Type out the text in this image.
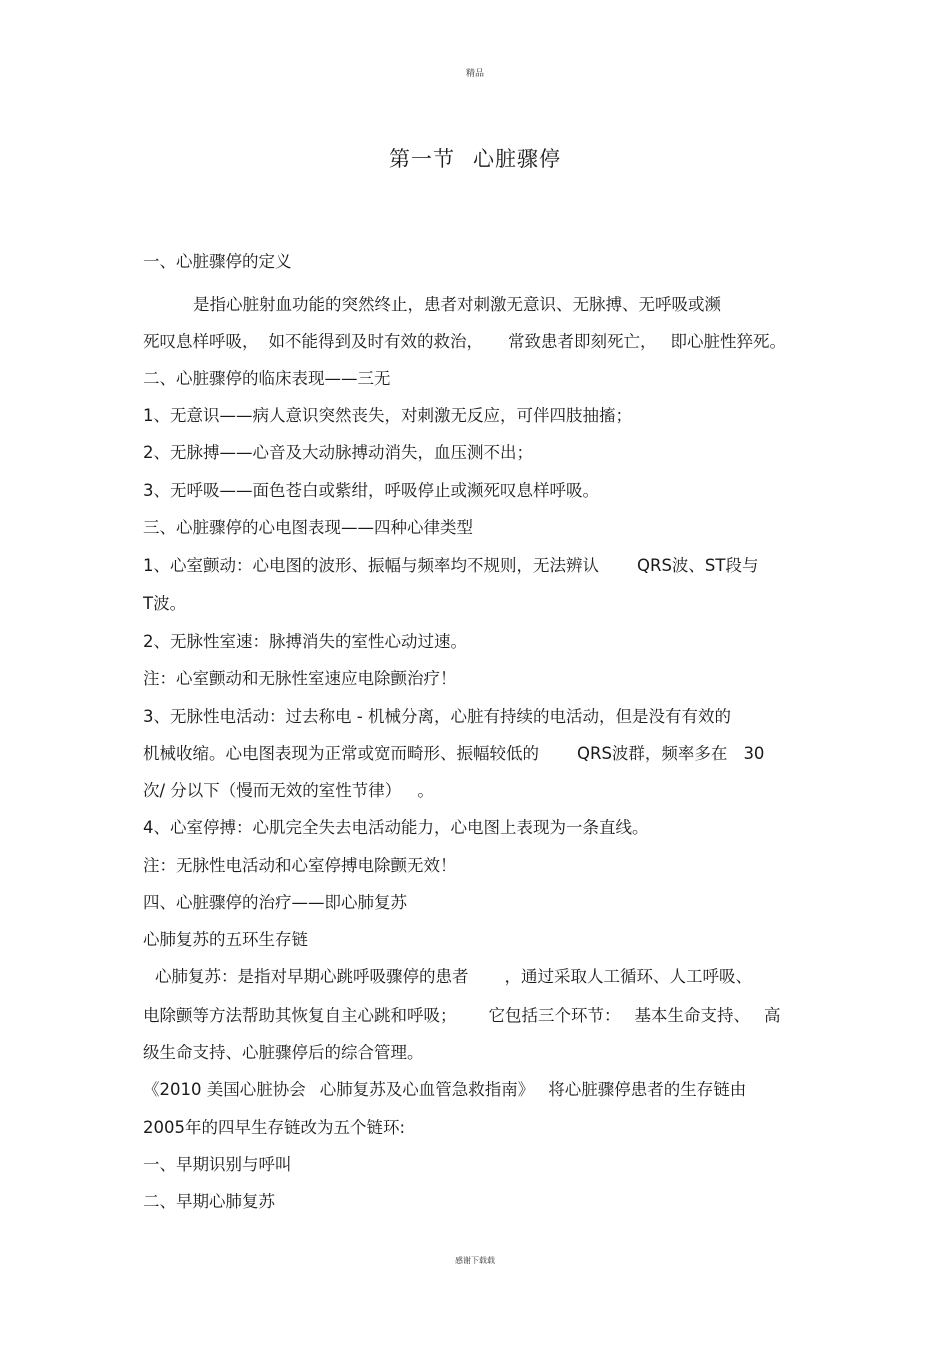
精品
第一节 心脏骤停
一、心脏骤停的定义
是指心脏射血功能的突然终止，患者对刺激无意识、无脉搏、无呼吸或濒
死叹息样呼吸， 如不能得到及时有效的救治， 常致患者即刻死亡， 即心脏性猝死。
二、心脏骤停的临床表现——三无
1、无意识——病人意识突然丧失，对刺激无反应，可伴四肢抽搐；
2、无脉搏——心音及大动脉搏动消失，血压测不出；
3、无呼吸——面色苍白或紫绀，呼吸停止或濒死叹息样呼吸。
三、心脏骤停的心电图表现——四种心律类型
1、心室颤动：心电图的波形、振幅与频率均不规则，无法辨认 QRS波、ST段与
T波。
2、无脉性室速：脉搏消失的室性心动过速。
注：心室颤动和无脉性室速应电除颤治疗！
3、无脉性电活动：过去称电 - 机械分离，心脏有持续的电活动，但是没有有效的
机械收缩。心电图表现为正常或宽而畸形、振幅较低的 QRS波群，频率多在 30
次/ 分以下（慢而无效的室性节律） 。
4、心室停搏：心肌完全失去电活动能力，心电图上表现为一条直线。
注：无脉性电活动和心室停搏电除颤无效！
四、心脏骤停的治疗——即心肺复苏
心肺复苏的五环生存链
心肺复苏：是指对早期心跳呼吸骤停的患者 ，通过采取人工循环、人工呼吸、
电除颤等方法帮助其恢复自主心跳和呼吸； 它包括三个环节： 基本生命支持、 高
级生命支持、心脏骤停后的综合管理。
《2010 美国心脏协会 心肺复苏及心血管急救指南》 将心脏骤停患者的生存链由
2005年的四早生存链改为五个链环:
一、早期识别与呼叫
二、早期心肺复苏
感谢下载载
